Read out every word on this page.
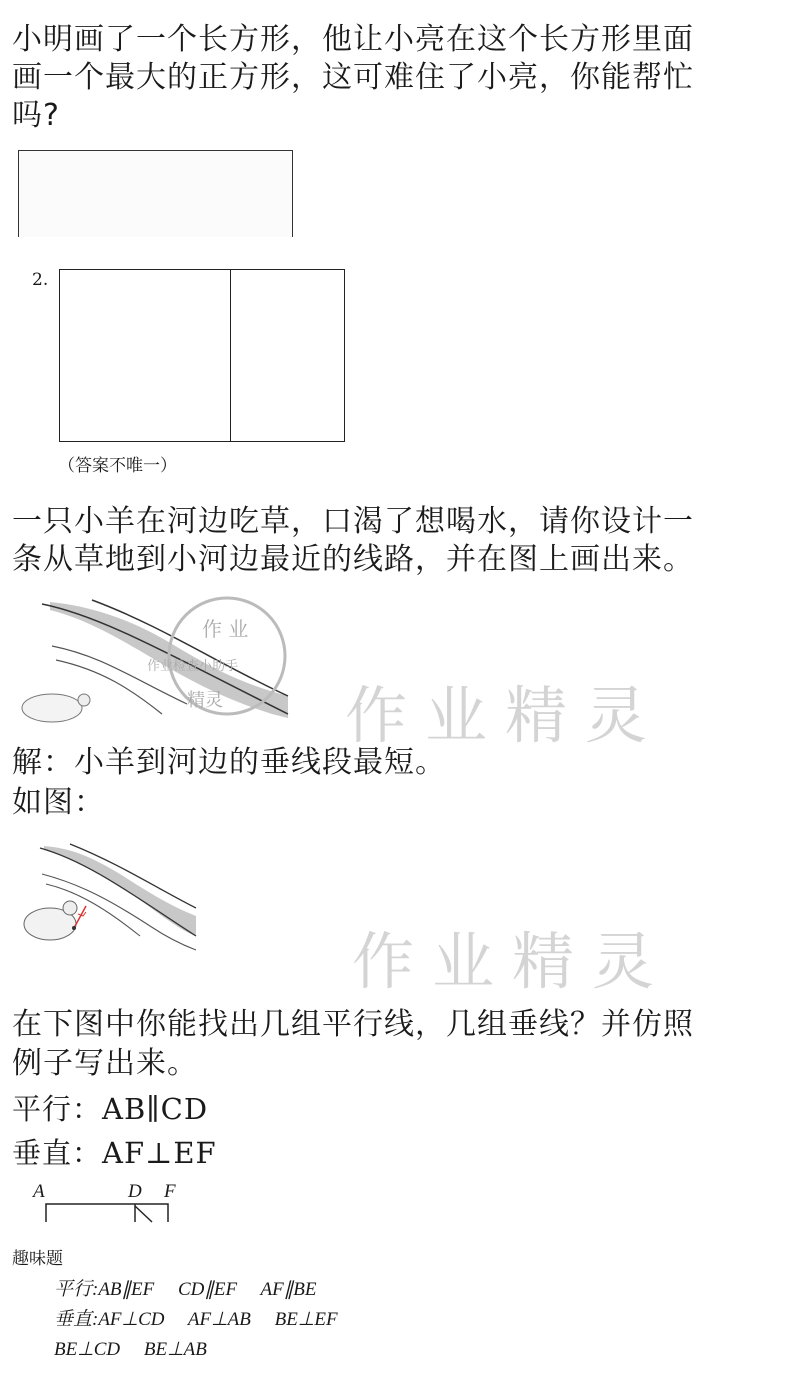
小明画了一个长方形，他让小亮在这个长方形里面
画一个最大的正方形，这可难住了小亮，你能帮忙
吗?
2.
（答案不唯一）
一只小羊在河边吃草，口渴了想喝水，请你设计一
条从草地到小河边最近的线路，并在图上画出来。
作 业
作业检查小助手
精灵 作业精灵
解：小羊到河边的垂线段最短。
如图：
作业精灵
在下图中你能找出几组平行线，几组垂线？并仿照
例子写出来。
平行：AB∥CD
垂直：AF⊥EF
A	D F
趣味题
平行:AB∥EF　 CD∥EF　 AF∥BE
垂直:AF⊥CD　 AF⊥AB　 BE⊥EF
BE⊥CD　 BE⊥AB
